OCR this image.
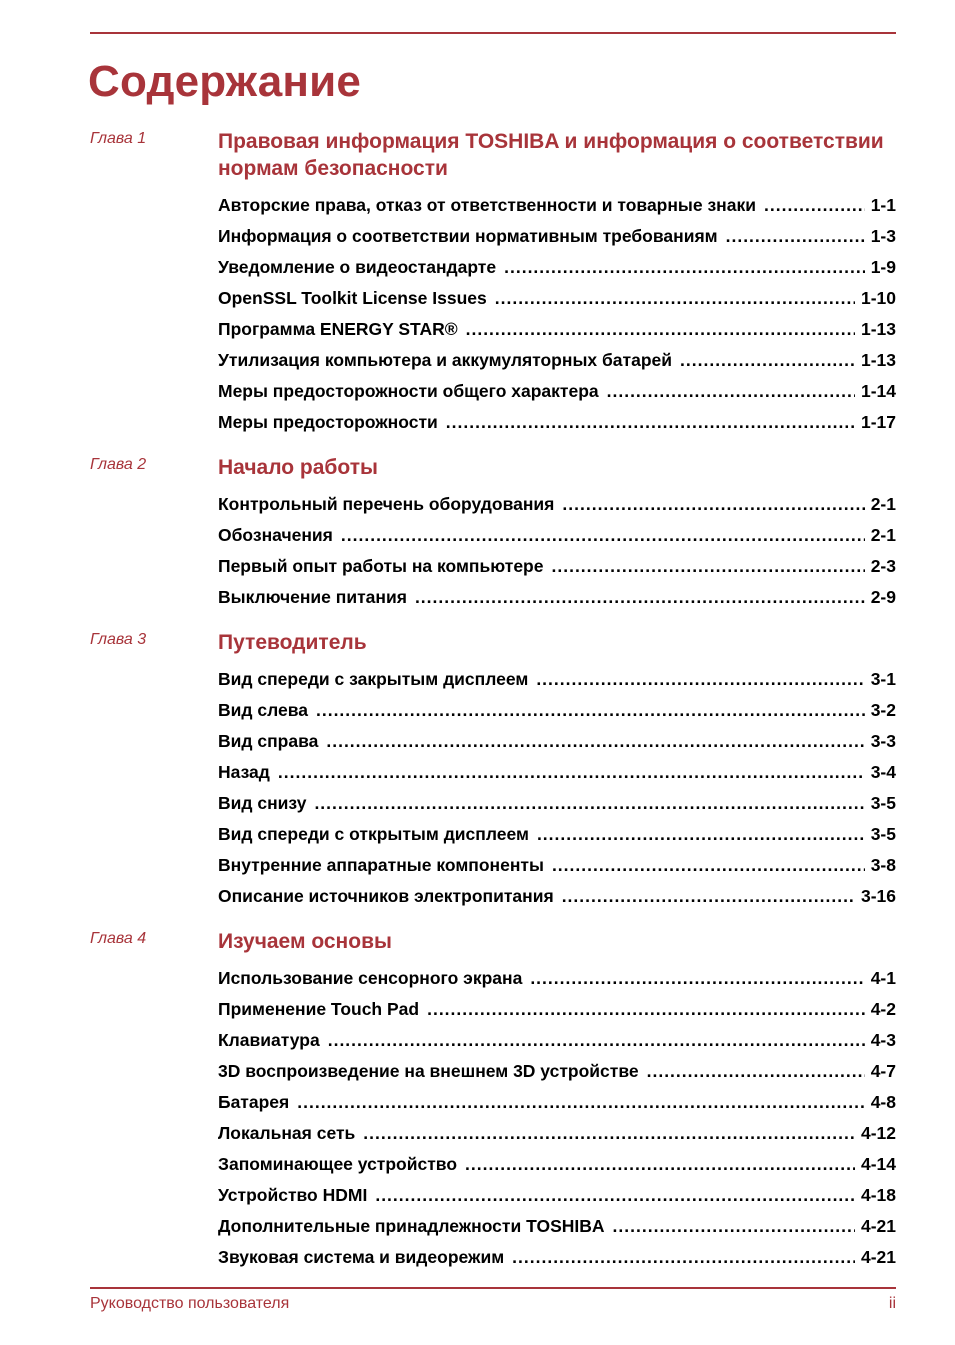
Содержание
Глава 1	Правовая информация TOSHIBA и информация о соответствии нормам безопасности
Авторские права, отказ от ответственности и товарные знаки .....	1-1
Информация о соответствии нормативным требованиям .....	1-3
Уведомление о видеостандарте .....	1-9
OpenSSL Toolkit License Issues .....	1-10
Программа ENERGY STAR® .....	1-13
Утилизация компьютера и аккумуляторных батарей .....	1-13
Меры предосторожности общего характера .....	1-14
Меры предосторожности .....	1-17
Глава 2	Начало работы
Контрольный перечень оборудования .....	2-1
Обозначения .....	2-1
Первый опыт работы на компьютере .....	2-3
Выключение питания .....	2-9
Глава 3	Путеводитель
Вид спереди с закрытым дисплеем .....	3-1
Вид слева .....	3-2
Вид справа .....	3-3
Назад .....	3-4
Вид снизу .....	3-5
Вид спереди с открытым дисплеем .....	3-5
Внутренние аппаратные компоненты .....	3-8
Описание источников электропитания .....	3-16
Глава 4	Изучаем основы
Использование сенсорного экрана .....	4-1
Применение Touch Pad .....	4-2
Клавиатура .....	4-3
3D воспроизведение на внешнем 3D устройстве .....	4-7
Батарея .....	4-8
Локальная сеть .....	4-12
Запоминающее устройство .....	4-14
Устройство HDMI .....	4-18
Дополнительные принадлежности TOSHIBA .....	4-21
Звуковая система и видеорежим .....	4-21
Руководство пользователя	ii
